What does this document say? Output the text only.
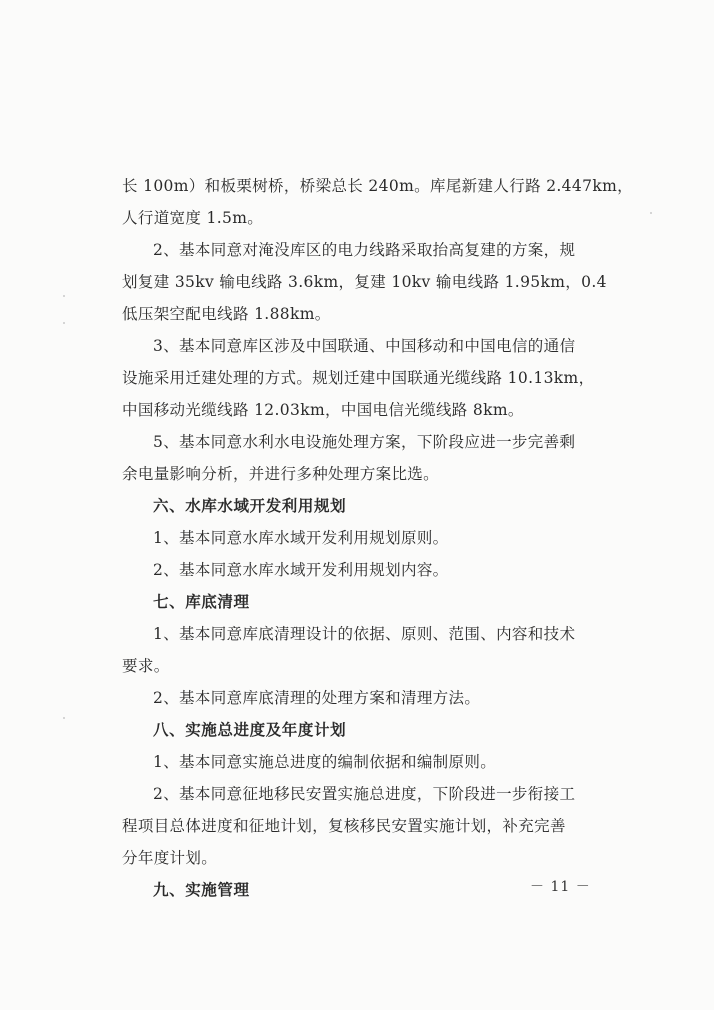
长 100m）和板栗树桥，桥梁总长 240m。库尾新建人行路 2.447km，
人行道宽度 1.5m。
2、基本同意对淹没库区的电力线路采取抬高复建的方案，规
划复建 35kv 输电线路 3.6km，复建 10kv 输电线路 1.95km，0.4
低压架空配电线路 1.88km。
3、基本同意库区涉及中国联通、中国移动和中国电信的通信
设施采用迁建处理的方式。规划迁建中国联通光缆线路 10.13km，
中国移动光缆线路 12.03km，中国电信光缆线路 8km。
5、基本同意水利水电设施处理方案，下阶段应进一步完善剩
余电量影响分析，并进行多种处理方案比选。
六、水库水域开发利用规划
1、基本同意水库水域开发利用规划原则。
2、基本同意水库水域开发利用规划内容。
七、库底清理
1、基本同意库底清理设计的依据、原则、范围、内容和技术
要求。
2、基本同意库底清理的处理方案和清理方法。
八、实施总进度及年度计划
1、基本同意实施总进度的编制依据和编制原则。
2、基本同意征地移民安置实施总进度，下阶段进一步衔接工
程项目总体进度和征地计划，复核移民安置实施计划，补充完善
分年度计划。
九、实施管理	－ 11 －
